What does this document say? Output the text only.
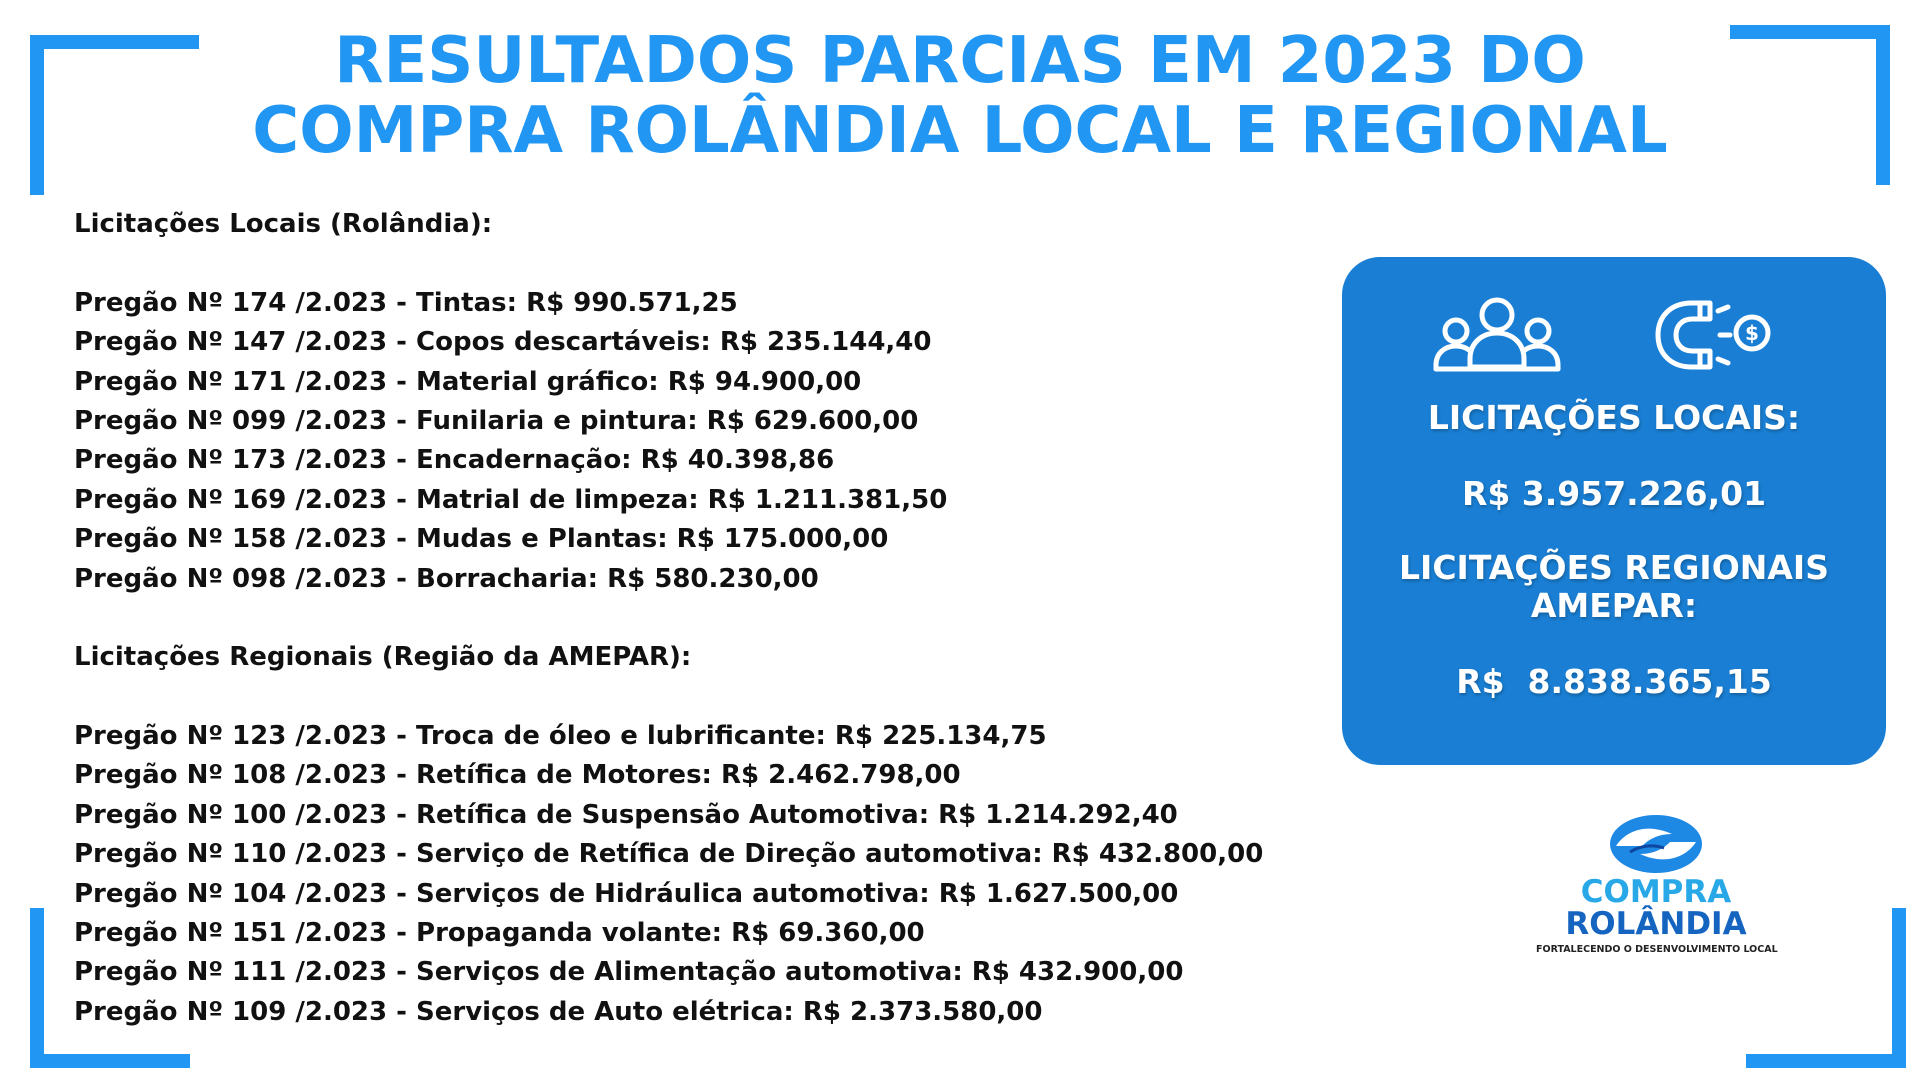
RESULTADOS PARCIAS EM 2023 DO
COMPRA ROLÂNDIA LOCAL E REGIONAL
Licitações Locais (Rolândia):
Pregão Nº 174 /2.023 - Tintas: R$ 990.571,25
Pregão Nº 147 /2.023 - Copos descartáveis: R$ 235.144,40
Pregão Nº 171 /2.023 - Material gráfico: R$ 94.900,00
Pregão Nº 099 /2.023 - Funilaria e pintura: R$ 629.600,00
Pregão Nº 173 /2.023 - Encadernação: R$ 40.398,86
Pregão Nº 169 /2.023 - Matrial de limpeza: R$ 1.211.381,50
Pregão Nº 158 /2.023 - Mudas e Plantas: R$ 175.000,00
Pregão Nº 098 /2.023 - Borracharia: R$ 580.230,00
Licitações Regionais (Região da AMEPAR):
Pregão Nº 123 /2.023 - Troca de óleo e lubrificante: R$ 225.134,75
Pregão Nº 108 /2.023 - Retífica de Motores: R$ 2.462.798,00
Pregão Nº 100 /2.023 - Retífica de Suspensão Automotiva: R$ 1.214.292,40
Pregão Nº 110 /2.023 - Serviço de Retífica de Direção automotiva: R$ 432.800,00
Pregão Nº 104 /2.023 - Serviços de Hidráulica automotiva: R$ 1.627.500,00
Pregão Nº 151 /2.023 - Propaganda volante: R$ 69.360,00
Pregão Nº 111 /2.023 - Serviços de Alimentação automotiva: R$ 432.900,00
Pregão Nº 109 /2.023 - Serviços de Auto elétrica: R$ 2.373.580,00
$
LICITAÇÕES LOCAIS:
R$ 3.957.226,01
LICITAÇÕES REGIONAIS
AMEPAR:
R$  8.838.365,15
COMPRA
ROLÂNDIA
FORTALECENDO O DESENVOLVIMENTO LOCAL
